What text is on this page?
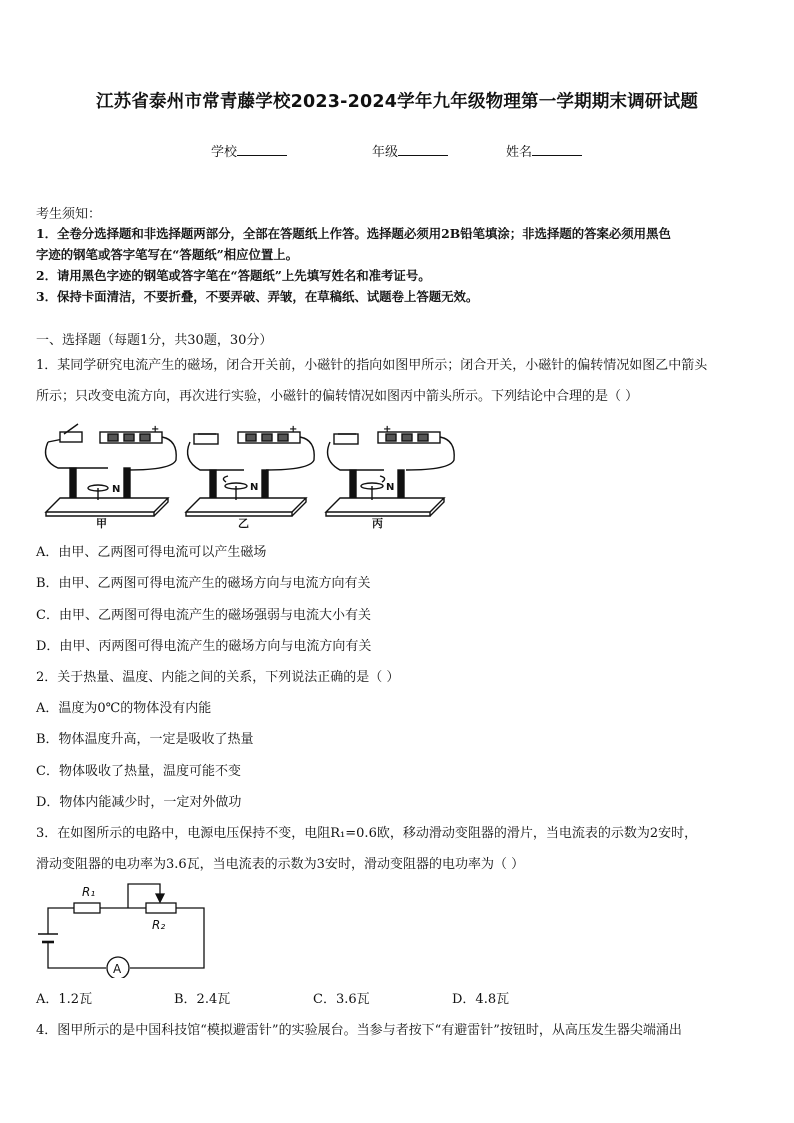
江苏省泰州市常青藤学校2023-2024学年九年级物理第一学期期末调研试题
学校	年级	姓名
考生须知：
1．全卷分选择题和非选择题两部分，全部在答题纸上作答。选择题必须用2B铅笔填涂；非选择题的答案必须用黑色
字迹的钢笔或答字笔写在“答题纸”相应位置上。
2．请用黑色字迹的钢笔或答字笔在“答题纸”上先填写姓名和准考证号。
3．保持卡面清洁，不要折叠，不要弄破、弄皱，在草稿纸、试题卷上答题无效。
一、选择题（每题1分，共30题，30分）
1．某同学研究电流产生的磁场，闭合开关前，小磁针的指向如图甲所示；闭合开关，小磁针的偏转情况如图乙中箭头
所示；只改变电流方向，再次进行实验，小磁针的偏转情况如图丙中箭头所示。下列结论中合理的是（ ）
+	+	+
N	N	N
甲	乙	丙
A．由甲、乙两图可得电流可以产生磁场
B．由甲、乙两图可得电流产生的磁场方向与电流方向有关
C．由甲、乙两图可得电流产生的磁场强弱与电流大小有关
D．由甲、丙两图可得电流产生的磁场方向与电流方向有关
2．关于热量、温度、内能之间的关系，下列说法正确的是（ ）
A．温度为0℃的物体没有内能
B．物体温度升高，一定是吸收了热量
C．物体吸收了热量，温度可能不变
D．物体内能减少时，一定对外做功
3．在如图所示的电路中，电源电压保持不变，电阻R₁=0.6欧，移动滑动变阻器的滑片，当电流表的示数为2安时，
滑动变阻器的电功率为3.6瓦，当电流表的示数为3安时，滑动变阻器的电功率为（ ）
R₁
R₂
A
A．1.2瓦	B．2.4瓦	C．3.6瓦	D．4.8瓦
4．图甲所示的是中国科技馆“模拟避雷针”的实验展台。当参与者按下“有避雷针”按钮时，从高压发生器尖端涌出
